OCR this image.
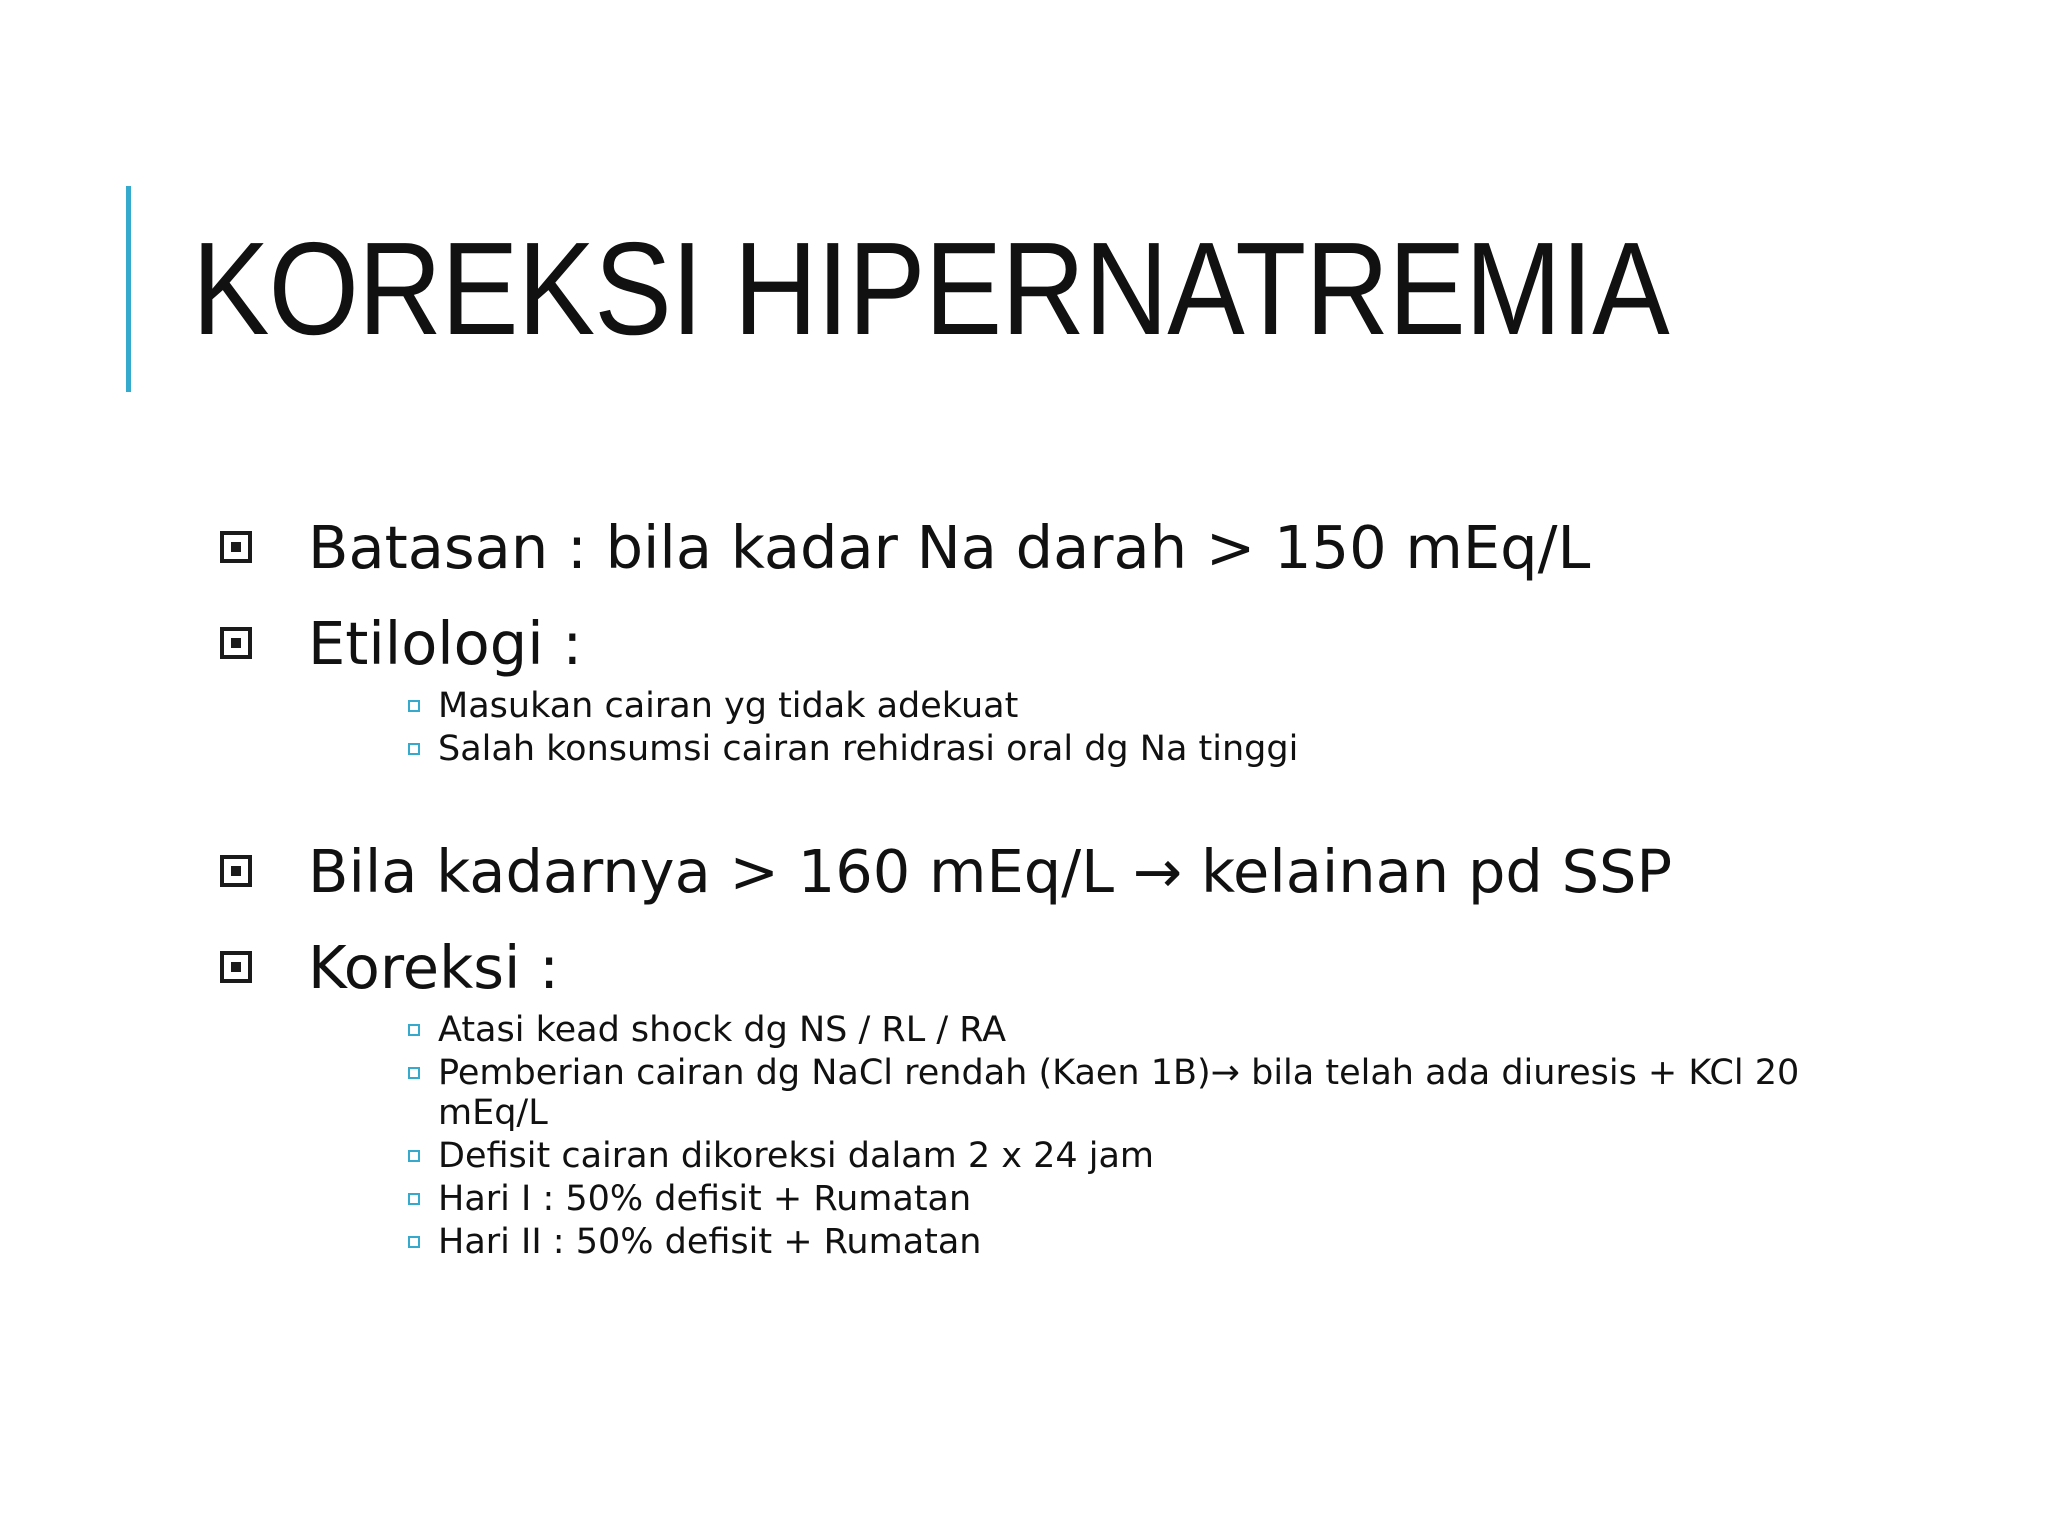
KOREKSI HIPERNATREMIA
Batasan : bila kadar Na darah > 150 mEq/L
Etilologi :
Masukan cairan yg tidak adekuat
Salah konsumsi cairan rehidrasi oral dg Na tinggi
Bila kadarnya > 160 mEq/L → kelainan pd SSP
Koreksi :
Atasi kead shock dg NS / RL / RA
Pemberian cairan dg NaCl rendah (Kaen 1B)→ bila telah ada diuresis + KCl 20 mEq/L
Defisit cairan dikoreksi dalam 2 x 24 jam
Hari I : 50% defisit + Rumatan
Hari II : 50% defisit + Rumatan
